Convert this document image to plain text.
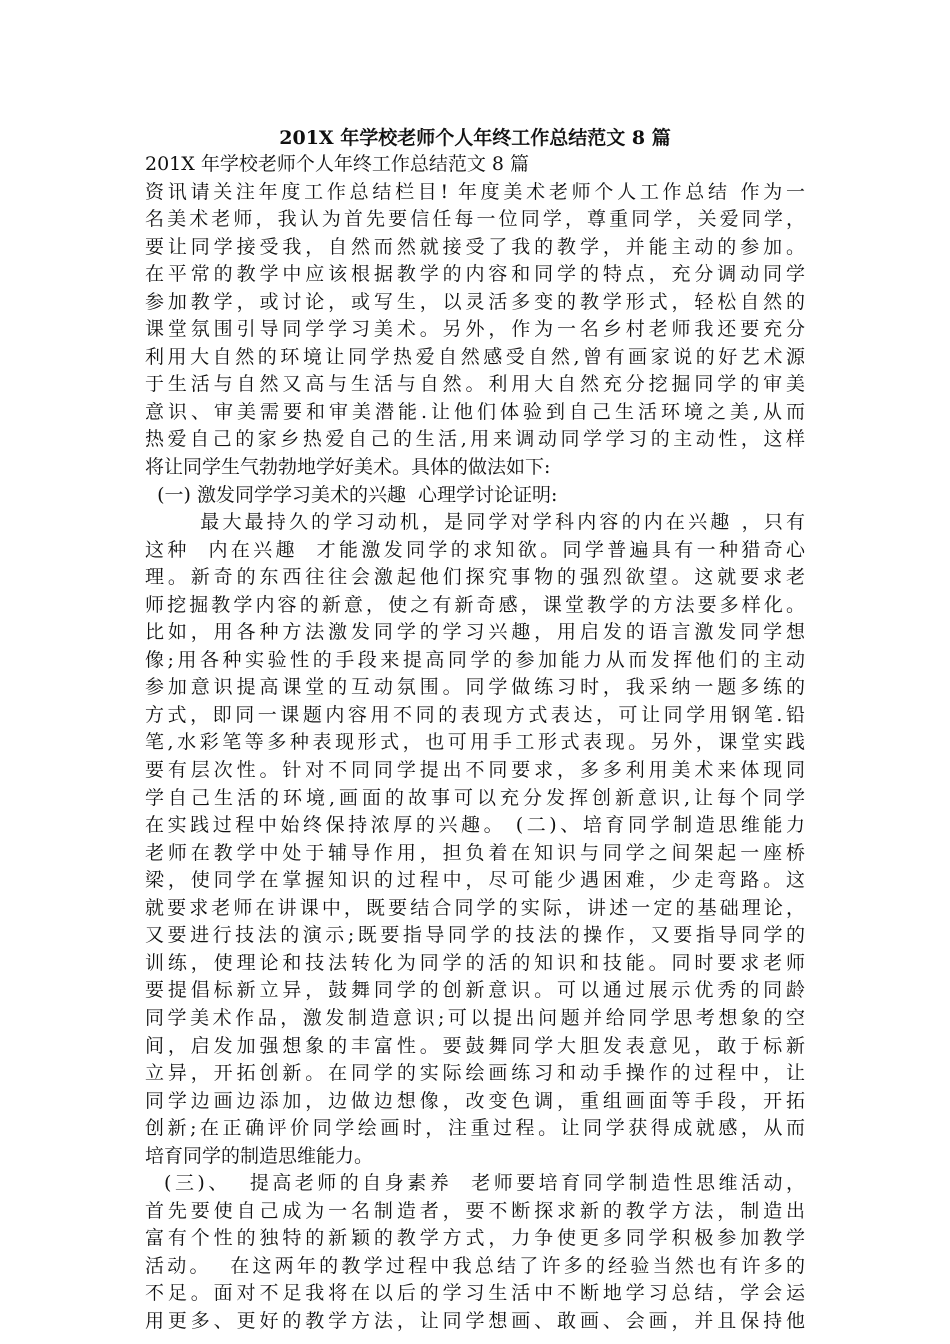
201X 年学校老师个人年终工作总结范文 8 篇
201X 年学校老师个人年终工作总结范文 8 篇
资讯请关注年度工作总结栏目! 年度美术老师个人工作总结 作为一
名美术老师，我认为首先要信任每一位同学，尊重同学，关爱同学，
要让同学接受我，自然而然就接受了我的教学，并能主动的参加。
在平常的教学中应该根据教学的内容和同学的特点，充分调动同学
参加教学，或讨论，或写生，以灵活多变的教学形式，轻松自然的
课堂氛围引导同学学习美术。另外，作为一名乡村老师我还要充分
利用大自然的环境让同学热爱自然感受自然,曾有画家说的好艺术源
于生活与自然又高与生活与自然。利用大自然充分挖掘同学的审美
意识、审美需要和审美潜能.让他们体验到自己生活环境之美,从而
热爱自己的家乡热爱自己的生活,用来调动同学学习的主动性，这样
将让同学生气勃勃地学好美术。具体的做法如下:
(一) 激发同学学习美术的兴趣  心理学讨论证明:
最大最持久的学习动机，是同学对学科内容的内在兴趣 ，只有
这种  内在兴趣  才能激发同学的求知欲。同学普遍具有一种猎奇心
理。新奇的东西往往会激起他们探究事物的强烈欲望。这就要求老
师挖掘教学内容的新意，使之有新奇感，课堂教学的方法要多样化。
比如，用各种方法激发同学的学习兴趣，用启发的语言激发同学想
像;用各种实验性的手段来提高同学的参加能力从而发挥他们的主动
参加意识提高课堂的互动氛围。同学做练习时，我采纳一题多练的
方式，即同一课题内容用不同的表现方式表达，可让同学用钢笔.铅
笔,水彩笔等多种表现形式，也可用手工形式表现。另外，课堂实践
要有层次性。针对不同同学提出不同要求，多多利用美术来体现同
学自己生活的环境,画面的故事可以充分发挥创新意识,让每个同学
在实践过程中始终保持浓厚的兴趣。 (二)、培育同学制造思维能力
老师在教学中处于辅导作用，担负着在知识与同学之间架起一座桥
梁，使同学在掌握知识的过程中，尽可能少遇困难，少走弯路。这
就要求老师在讲课中，既要结合同学的实际，讲述一定的基础理论，
又要进行技法的演示;既要指导同学的技法的操作，又要指导同学的
训练，使理论和技法转化为同学的活的知识和技能。同时要求老师
要提倡标新立异，鼓舞同学的创新意识。可以通过展示优秀的同龄
同学美术作品，激发制造意识;可以提出问题并给同学思考想象的空
间，启发加强想象的丰富性。要鼓舞同学大胆发表意见，敢于标新
立异，开拓创新。在同学的实际绘画练习和动手操作的过程中，让
同学边画边添加，边做边想像，改变色调，重组画面等手段，开拓
创新;在正确评价同学绘画时，注重过程。让同学获得成就感，从而
培育同学的制造思维能力。
(三)、  提高老师的自身素养  老师要培育同学制造性思维活动，
首先要使自己成为一名制造者，要不断探求新的教学方法，制造出
富有个性的独特的新颖的教学方式，力争使更多同学积极参加教学
活动。  在这两年的教学过程中我总结了许多的经验当然也有许多的
不足。面对不足我将在以后的学习生活中不断地学习总结，学会运
用更多、更好的教学方法，让同学想画、敢画、会画，并且保持他
